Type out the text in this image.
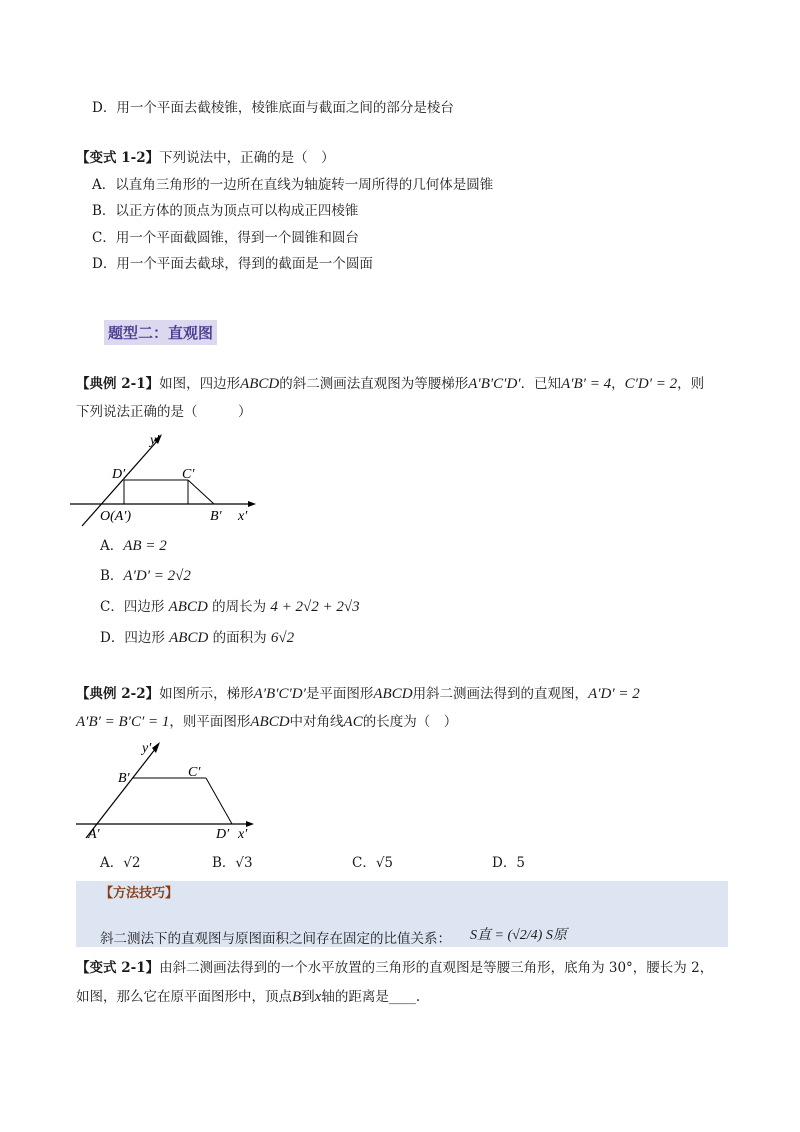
D．用一个平面去截棱锥，棱锥底面与截面之间的部分是棱台
【变式 1-2】下列说法中，正确的是（　）
A．以直角三角形的一边所在直线为轴旋转一周所得的几何体是圆锥
B．以正方体的顶点为顶点可以构成正四棱锥
C．用一个平面截圆锥，得到一个圆锥和圆台
D．用一个平面去截球，得到的截面是一个圆面
题型二：直观图
【典例 2-1】如图，四边形ABCD的斜二测画法直观图为等腰梯形A′B′C′D′．已知A′B′ = 4，C′D′ = 2，则
下列说法正确的是（　　　）
y′
x′
D′	C′
O(A′)	B′
A．AB = 2
B．A′D′ = 2√2
C．四边形 ABCD 的周长为 4 + 2√2 + 2√3
D．四边形 ABCD 的面积为 6√2
【典例 2-2】如图所示，梯形A′B′C′D′是平面图形ABCD用斜二测画法得到的直观图，A′D′ = 2
A′B′ = B′C′ = 1，则平面图形ABCD中对角线AC的长度为（　）
y′
x′
B′	C′
A′	D′
A．√2	B．√3	C．√5	D．5
【方法技巧】
斜二测法下的直观图与原图面积之间存在固定的比值关系： S直 = (√2/4) S原
【变式 2-1】由斜二测画法得到的一个水平放置的三角形的直观图是等腰三角形，底角为 30°，腰长为 2，
如图，那么它在原平面图形中，顶点B到x轴的距离是____.
